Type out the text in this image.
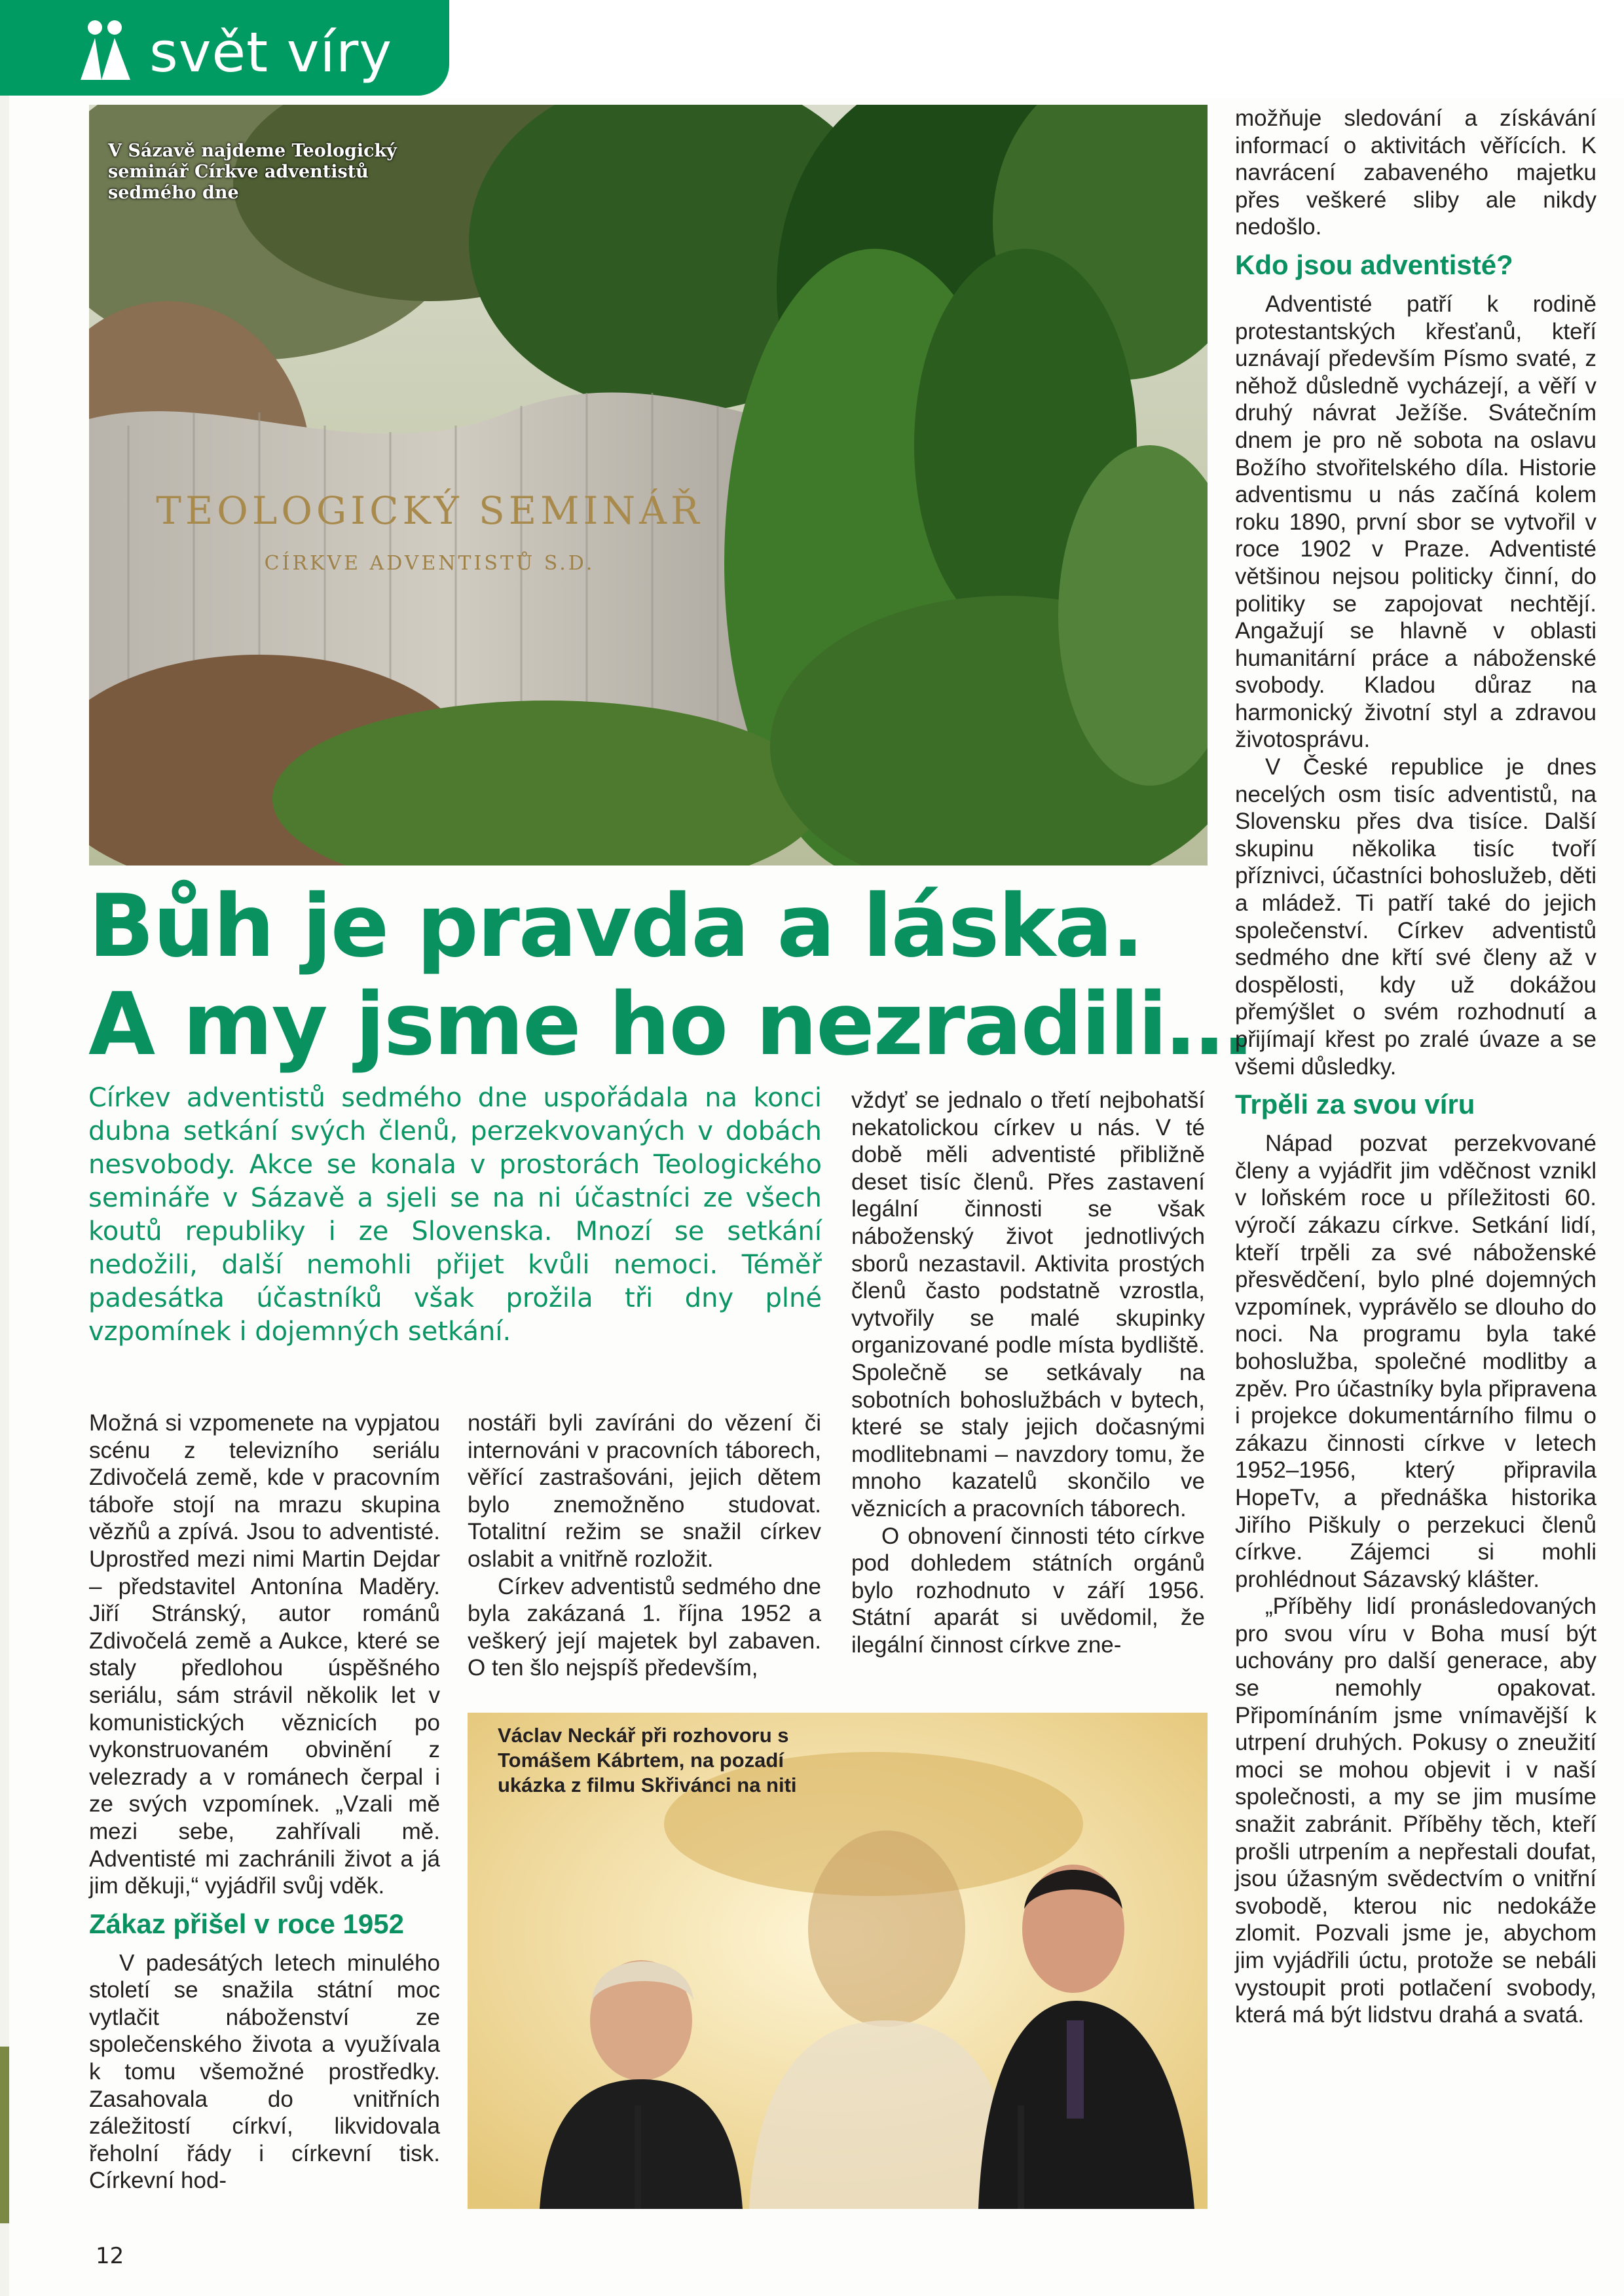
svět víry
TEOLOGICKÝ SEMINÁŘ
CÍRKVE ADVENTISTŮ S.D.
V Sázavě najdeme Teologický seminář Církve adventistů sedmého dne
Bůh je pravda a láska.
A my jsme ho nezradili…
Církev adventistů sedmého dne uspořádala na konci dubna setkání svých členů, perzekvovaných v dobách nesvobody. Akce se konala v prostorách Teologického semináře v Sázavě a sjeli se na ni účastníci ze všech koutů republiky i ze Slovenska. Mnozí se setkání nedožili, další nemohli přijet kvůli nemoci. Téměř padesátka účastníků však prožila tři dny plné vzpomínek i dojemných setkání.

Možná si vzpomenete na vypjatou scénu z televizního seriálu Zdivočelá země, kde v pracovním táboře stojí na mrazu skupina vězňů a zpívá. Jsou to adventisté. Uprostřed mezi nimi Martin Dejdar – představitel Antonína Maděry. Jiří Stránský, autor románů Zdivočelá země a Aukce, které se staly předlohou úspěšného seriálu, sám strávil několik let v komunistických věznicích po vykonstruovaném obvinění z velezrady a v románech čerpal i ze svých vzpomínek. „Vzali mě mezi sebe, zahřívali mě. Adventisté mi zachránili život a já jim děkuji,“ vyjádřil svůj vděk.

Zákaz přišel v roce 1952

V padesátých letech minulého století se snažila státní moc vytlačit náboženství ze společenského života a využívala k tomu všemožné prostředky. Zasahovala do vnitřních záležitostí církví, likvidovala řeholní řády i církevní tisk. Církevní hod-

nostáři byli zavíráni do vězení či internováni v pracovních táborech, věřící zastrašováni, jejich dětem bylo znemožněno studovat. Totalitní režim se snažil církev oslabit a vnitřně rozložit.

Církev adventistů sedmého dne byla zakázaná 1. října 1952 a veškerý její majetek byl zabaven. O ten šlo nejspíš především,

vždyť se jednalo o třetí nejbohatší nekatolickou církev u nás. V té době měli adventisté přibližně deset tisíc členů. Přes zastavení legální činnosti se však náboženský život jednotlivých sborů nezastavil. Aktivita prostých členů často podstatně vzrostla, vytvořily se malé skupinky organizované podle místa bydliště. Společně se setkávaly na sobotních bohoslužbách v bytech, které se staly jejich dočasnými modlitebnami – navzdory tomu, že mnoho kazatelů skončilo ve věznicích a pracovních táborech.

O obnovení činnosti této církve pod dohledem státních orgánů bylo rozhodnuto v září 1956. Státní aparát si uvědomil, že ilegální činnost církve zne-

možňuje sledování a získávání informací o aktivitách věřících. K navrácení zabaveného majetku přes veškeré sliby ale nikdy nedošlo.

Kdo jsou adventisté?

Adventisté patří k rodině protestantských křesťanů, kteří uznávají především Písmo svaté, z něhož důsledně vycházejí, a věří v druhý návrat Ježíše. Svátečním dnem je pro ně sobota na oslavu Božího stvořitelského díla. Historie adventismu u nás začíná kolem roku 1890, první sbor se vytvořil v roce 1902 v Praze. Adventisté většinou nejsou politicky činní, do politiky se zapojovat nechtějí. Angažují se hlavně v oblasti humanitární práce a náboženské svobody. Kladou důraz na harmonický životní styl a zdravou životosprávu.

V České republice je dnes necelých osm tisíc adventistů, na Slovensku přes dva tisíce. Další skupinu několika tisíc tvoří příznivci, účastníci bohoslužeb, děti a mládež. Ti patří také do jejich společenství. Církev adventistů sedmého dne křtí své členy až v dospělosti, kdy už dokážou přemýšlet o svém rozhodnutí a přijímají křest po zralé úvaze a se všemi důsledky.

Trpěli za svou víru

Nápad pozvat perzekvované členy a vyjádřit jim vděčnost vznikl v loňském roce u příležitosti 60. výročí zákazu církve. Setkání lidí, kteří trpěli za své náboženské přesvědčení, bylo plné dojemných vzpomínek, vyprávělo se dlouho do noci. Na programu byla také bohoslužba, společné modlitby a zpěv. Pro účastníky byla připravena i projekce dokumentárního filmu o zákazu činnosti církve v letech 1952–1956, který připravila HopeTv, a přednáška historika Jiřího Piškuly o perzekuci členů církve. Zájemci si mohli prohlédnout Sázavský klášter.

„Příběhy lidí pronásledovaných pro svou víru v Boha musí být uchovány pro další generace, aby se nemohly opakovat. Připomínáním jsme vnímavější k utrpení druhých. Pokusy o zneužití moci se mohou objevit i v naší společnosti, a my se jim musíme snažit zabránit. Příběhy těch, kteří prošli utrpením a nepřestali doufat, jsou úžasným svědectvím o vnitřní svobodě, kterou nic nedokáže zlomit. Pozvali jsme je, abychom jim vyjádřili úctu, protože se nebáli vystoupit proti potlačení svobody, která má být lidstvu drahá a svatá.

Václav Neckář při rozhovoru s Tomášem Kábrtem, na pozadí ukázka z filmu Skřivánci na niti
12
